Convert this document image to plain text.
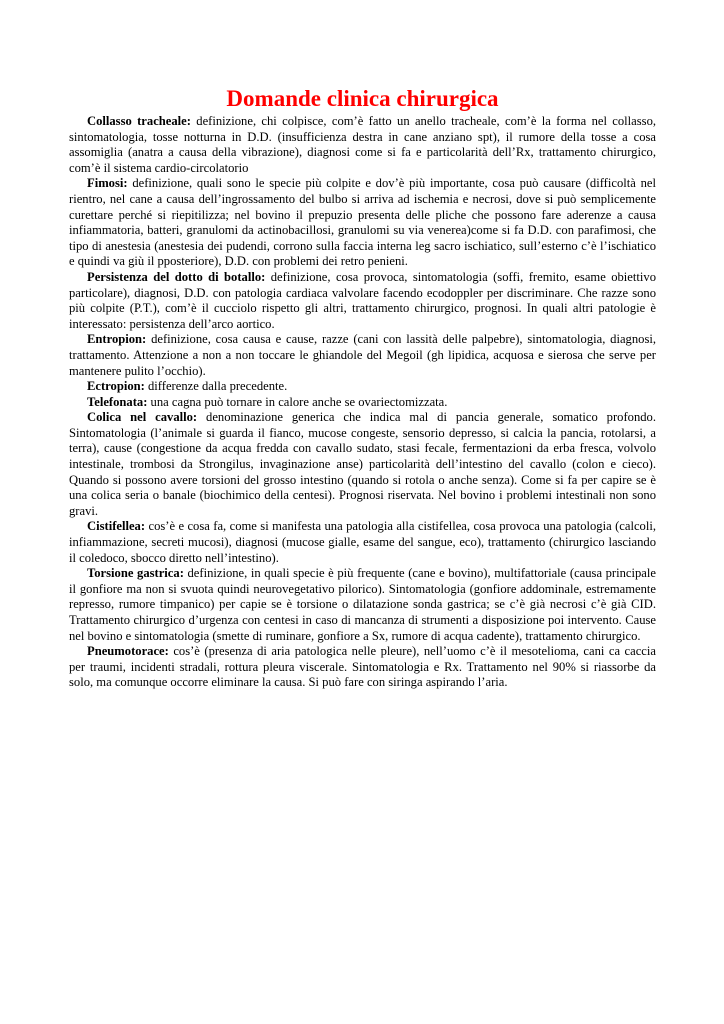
Domande clinica chirurgica

Collasso tracheale: definizione, chi colpisce, com’è fatto un anello tracheale, com’è la forma nel collasso, sintomatologia, tosse notturna in D.D. (insufficienza destra in cane anziano spt), il rumore della tosse a cosa assomiglia (anatra a causa della vibrazione), diagnosi come si fa e particolarità dell’Rx, trattamento chirurgico, com’è il sistema cardio-circolatorio

Fimosi: definizione, quali sono le specie più colpite e dov’è più importante, cosa può causare (difficoltà nel rientro, nel cane a causa dell’ingrossamento del bulbo si arriva ad ischemia e necrosi, dove si può semplicemente curettare perché si riepitilizza; nel bovino il prepuzio presenta delle pliche che possono fare aderenze a causa infiammatoria, batteri, granulomi da actinobacillosi, granulomi su via venerea)come si fa D.D. con parafimosi, che tipo di anestesia (anestesia dei pudendi, corrono sulla faccia interna leg sacro ischiatico, sull’esterno c’è l’ischiatico e quindi va giù il pposteriore), D.D. con problemi dei retro penieni.

Persistenza del dotto di botallo: definizione, cosa provoca, sintomatologia (soffi, fremito, esame obiettivo particolare), diagnosi, D.D. con patologia cardiaca valvolare facendo ecodoppler per discriminare. Che razze sono più colpite (P.T.), com’è il cucciolo rispetto gli altri, trattamento chirurgico, prognosi. In quali altri patologie è interessato: persistenza dell’arco aortico.

Entropion: definizione, cosa causa e cause, razze (cani con lassità delle palpebre), sintomatologia, diagnosi, trattamento. Attenzione a non a non toccare le ghiandole del Megoil (gh lipidica, acquosa e sierosa che serve per mantenere pulito l’occhio).

Ectropion: differenze dalla precedente.

Telefonata: una cagna può tornare in calore anche se ovariectomizzata.

Colica nel cavallo: denominazione generica che indica mal di pancia generale, somatico profondo. Sintomatologia (l’animale si guarda il fianco, mucose congeste, sensorio depresso, si calcia la pancia, rotolarsi, a terra), cause (congestione da acqua fredda con cavallo sudato, stasi fecale, fermentazioni da erba fresca, volvolo intestinale, trombosi da Strongilus, invaginazione anse) particolarità dell’intestino del cavallo (colon e cieco). Quando si possono avere torsioni del grosso intestino (quando si rotola o anche senza). Come si fa per capire se è una colica seria o banale (biochimico della centesi). Prognosi riservata. Nel bovino i problemi intestinali non sono gravi.

Cistifellea: cos’è e cosa fa, come si manifesta una patologia alla cistifellea, cosa provoca una patologia (calcoli, infiammazione, secreti mucosi), diagnosi (mucose gialle, esame del sangue, eco), trattamento (chirurgico lasciando il coledoco, sbocco diretto nell’intestino).

Torsione gastrica: definizione, in quali specie è più frequente (cane e bovino), multifattoriale (causa principale il gonfiore ma non si svuota quindi neurovegetativo pilorico). Sintomatologia (gonfiore addominale, estremamente represso, rumore timpanico) per capie se è torsione o dilatazione sonda gastrica; se c’è già necrosi c’è già CID. Trattamento chirurgico d’urgenza con centesi in caso di mancanza di strumenti a disposizione poi intervento. Cause nel bovino e sintomatologia (smette di ruminare, gonfiore a Sx, rumore di acqua cadente), trattamento chirurgico.

Pneumotorace: cos’è (presenza di aria patologica nelle pleure), nell’uomo c’è il mesotelioma, cani ca caccia per traumi, incidenti stradali, rottura pleura viscerale. Sintomatologia e Rx. Trattamento nel 90% si riassorbe da solo, ma comunque occorre eliminare la causa. Si può fare con siringa aspirando l’aria.
